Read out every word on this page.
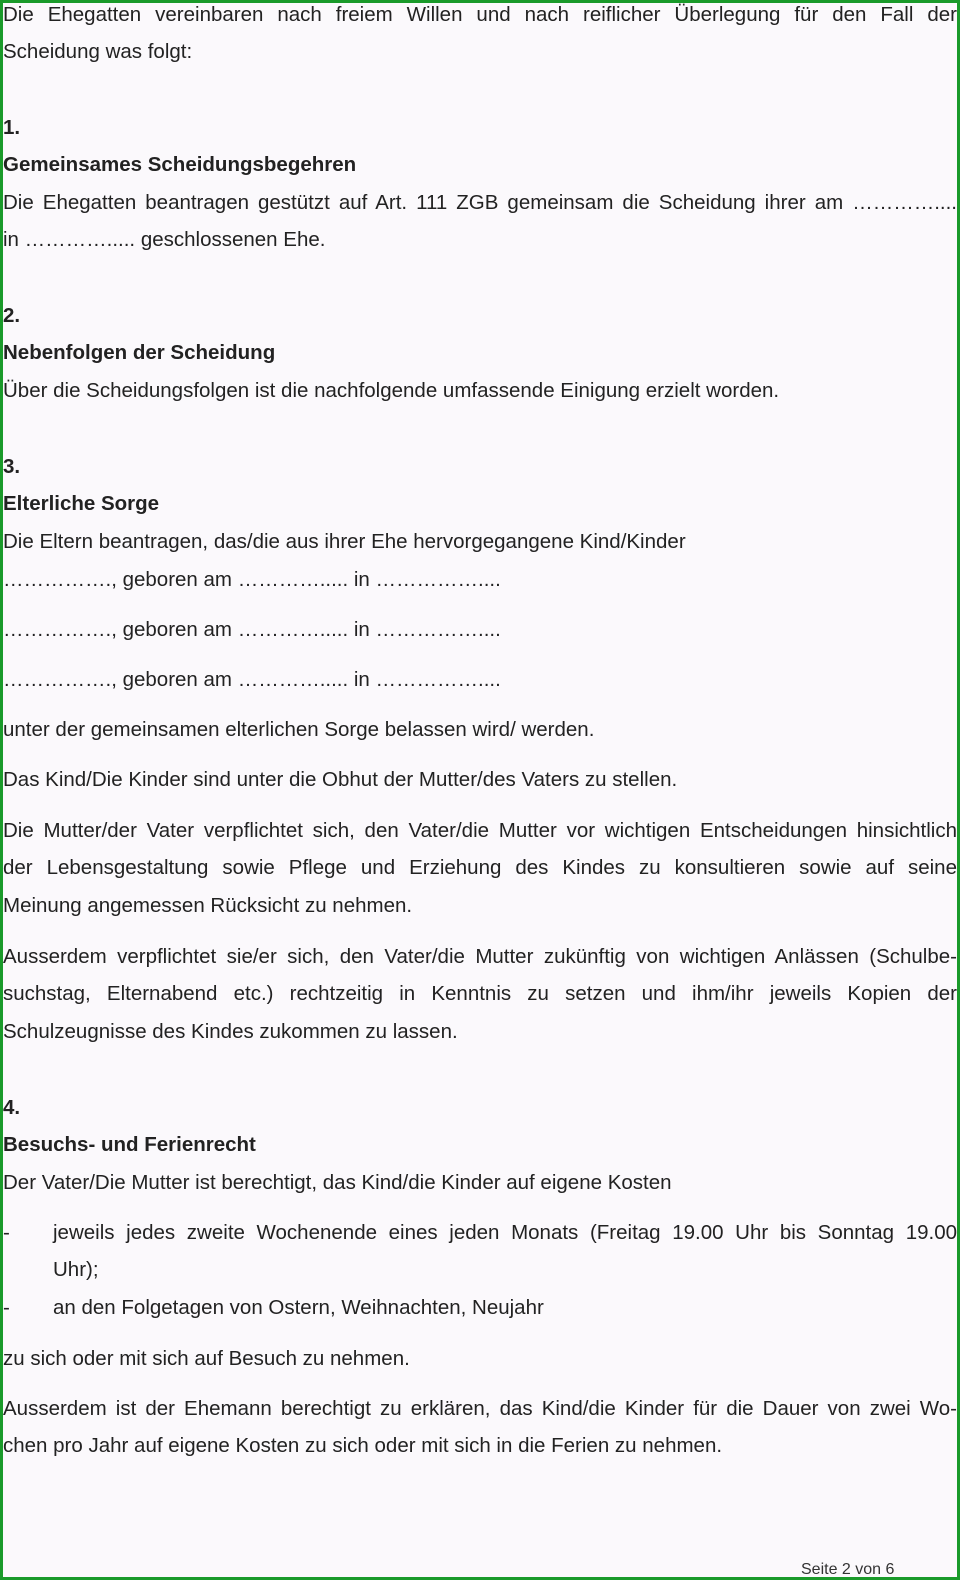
Die Ehegatten vereinbaren nach freiem Willen und nach reiflicher Überlegung für den Fall der
Scheidung was folgt:
1.
Gemeinsames Scheidungsbegehren
Die Ehegatten beantragen gestützt auf Art. 111 ZGB gemeinsam die Scheidung ihrer am …………....
in …………..... geschlossenen Ehe.
2.
Nebenfolgen der Scheidung
Über die Scheidungsfolgen ist die nachfolgende umfassende Einigung erzielt worden.
3.
Elterliche Sorge
Die Eltern beantragen, das/die aus ihrer Ehe hervorgegangene Kind/Kinder
……………., geboren am …………..... in ……………....
……………., geboren am …………..... in ……………....
……………., geboren am …………..... in ……………....
unter der gemeinsamen elterlichen Sorge belassen wird/ werden.
Das Kind/Die Kinder sind unter die Obhut der Mutter/des Vaters zu stellen.
Die Mutter/der Vater verpflichtet sich, den Vater/die Mutter vor wichtigen Entscheidungen hinsichtlich
der Lebensgestaltung sowie Pflege und Erziehung des Kindes zu konsultieren sowie auf seine
Meinung angemessen Rücksicht zu nehmen.
Ausserdem verpflichtet sie/er sich, den Vater/die Mutter zukünftig von wichtigen Anlässen (Schulbe-
suchstag, Elternabend etc.) rechtzeitig in Kenntnis zu setzen und ihm/ihr jeweils Kopien der
Schulzeugnisse des Kindes zukommen zu lassen.
4.
Besuchs- und Ferienrecht
Der Vater/Die Mutter ist berechtigt, das Kind/die Kinder auf eigene Kosten
- jeweils jedes zweite Wochenende eines jeden Monats (Freitag 19.00 Uhr bis Sonntag 19.00
Uhr);
- an den Folgetagen von Ostern, Weihnachten, Neujahr
zu sich oder mit sich auf Besuch zu nehmen.
Ausserdem ist der Ehemann berechtigt zu erklären, das Kind/die Kinder für die Dauer von zwei Wo-
chen pro Jahr auf eigene Kosten zu sich oder mit sich in die Ferien zu nehmen.
Seite 2 von 6
